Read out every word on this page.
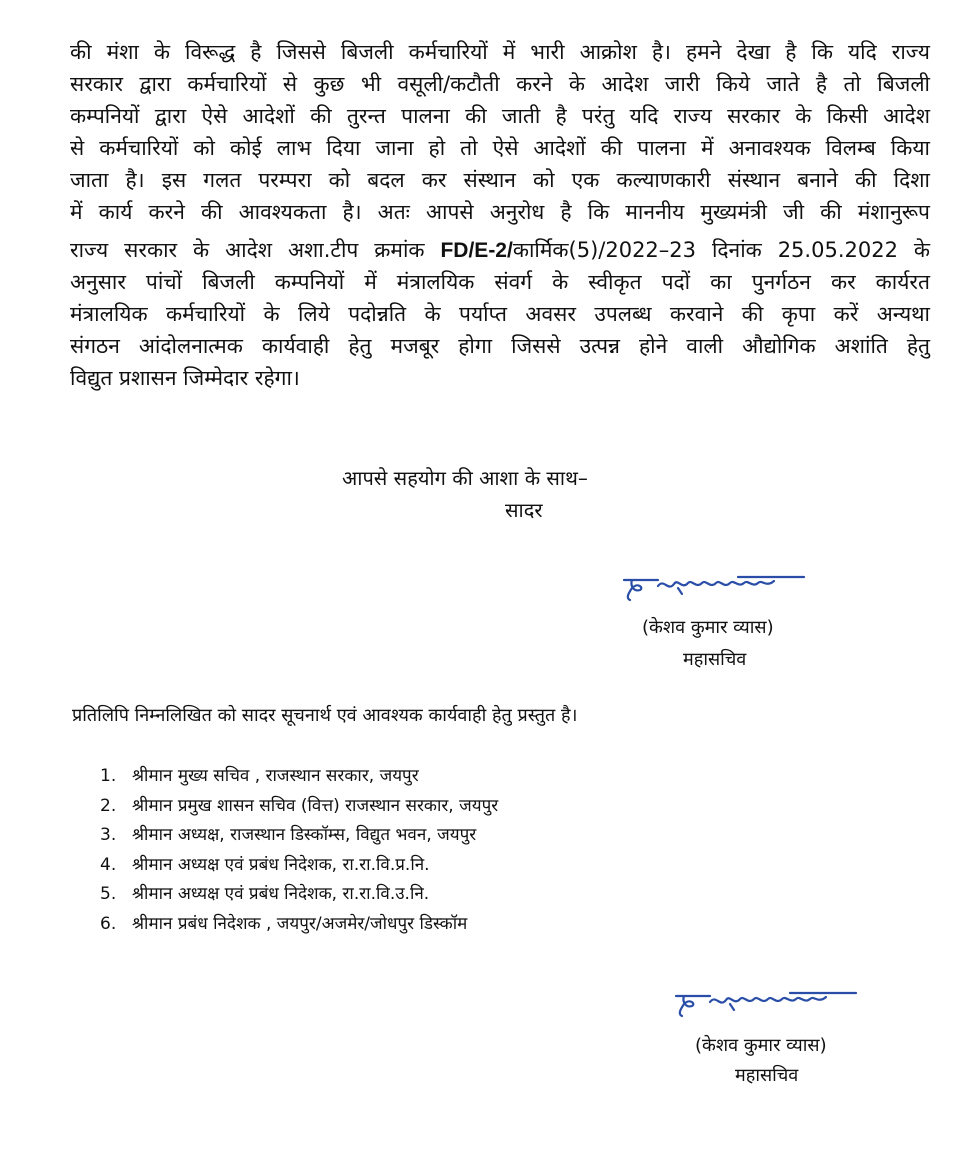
की मंशा के विरूद्ध है जिससे बिजली कर्मचारियों में भारी आक्रोश है। हमने देखा है कि यदि राज्य
सरकार द्वारा कर्मचारियों से कुछ भी वसूली/कटौती करने के आदेश जारी किये जाते है तो बिजली
कम्पनियों द्वारा ऐसे आदेशों की तुरन्त पालना की जाती है परंतु यदि राज्य सरकार के किसी आदेश
से कर्मचारियों को कोई लाभ दिया जाना हो तो ऐसे आदेशों की पालना में अनावश्यक विलम्ब किया
जाता है। इस गलत परम्परा को बदल कर संस्थान को एक कल्याणकारी संस्थान बनाने की दिशा
में कार्य करने की आवश्यकता है। अतः आपसे अनुरोध है कि माननीय मुख्यमंत्री जी की मंशानुरूप
राज्य सरकार के आदेश अशा.टीप क्रमांक FD/E-2/कार्मिक(5)/2022–23 दिनांक 25.05.2022 के
अनुसार पांचों बिजली कम्पनियों में मंत्रालयिक संवर्ग के स्वीकृत पदों का पुनर्गठन कर कार्यरत
मंत्रालयिक कर्मचारियों के लिये पदोन्नति के पर्याप्त अवसर उपलब्ध करवाने की कृपा करें अन्यथा
संगठन आंदोलनात्मक कार्यवाही हेतु मजबूर होगा जिससे उत्पन्न होने वाली औद्योगिक अशांति हेतु
विद्युत प्रशासन जिम्मेदार रहेगा।
आपसे सहयोग की आशा के साथ–
सादर
(केशव कुमार व्यास)
महासचिव
प्रतिलिपि निम्नलिखित को सादर सूचनार्थ एवं आवश्यक कार्यवाही हेतु प्रस्तुत है।
1. श्रीमान मुख्य सचिव , राजस्थान सरकार, जयपुर
2. श्रीमान प्रमुख शासन सचिव (वित्त) राजस्थान सरकार, जयपुर
3. श्रीमान अध्यक्ष, राजस्थान डिस्कॉम्स, विद्युत भवन, जयपुर
4. श्रीमान अध्यक्ष एवं प्रबंध निदेशक, रा.रा.वि.प्र.नि.
5. श्रीमान अध्यक्ष एवं प्रबंध निदेशक, रा.रा.वि.उ.नि.
6. श्रीमान प्रबंध निदेशक , जयपुर/अजमेर/जोधपुर डिस्कॉम
(केशव कुमार व्यास)
महासचिव
